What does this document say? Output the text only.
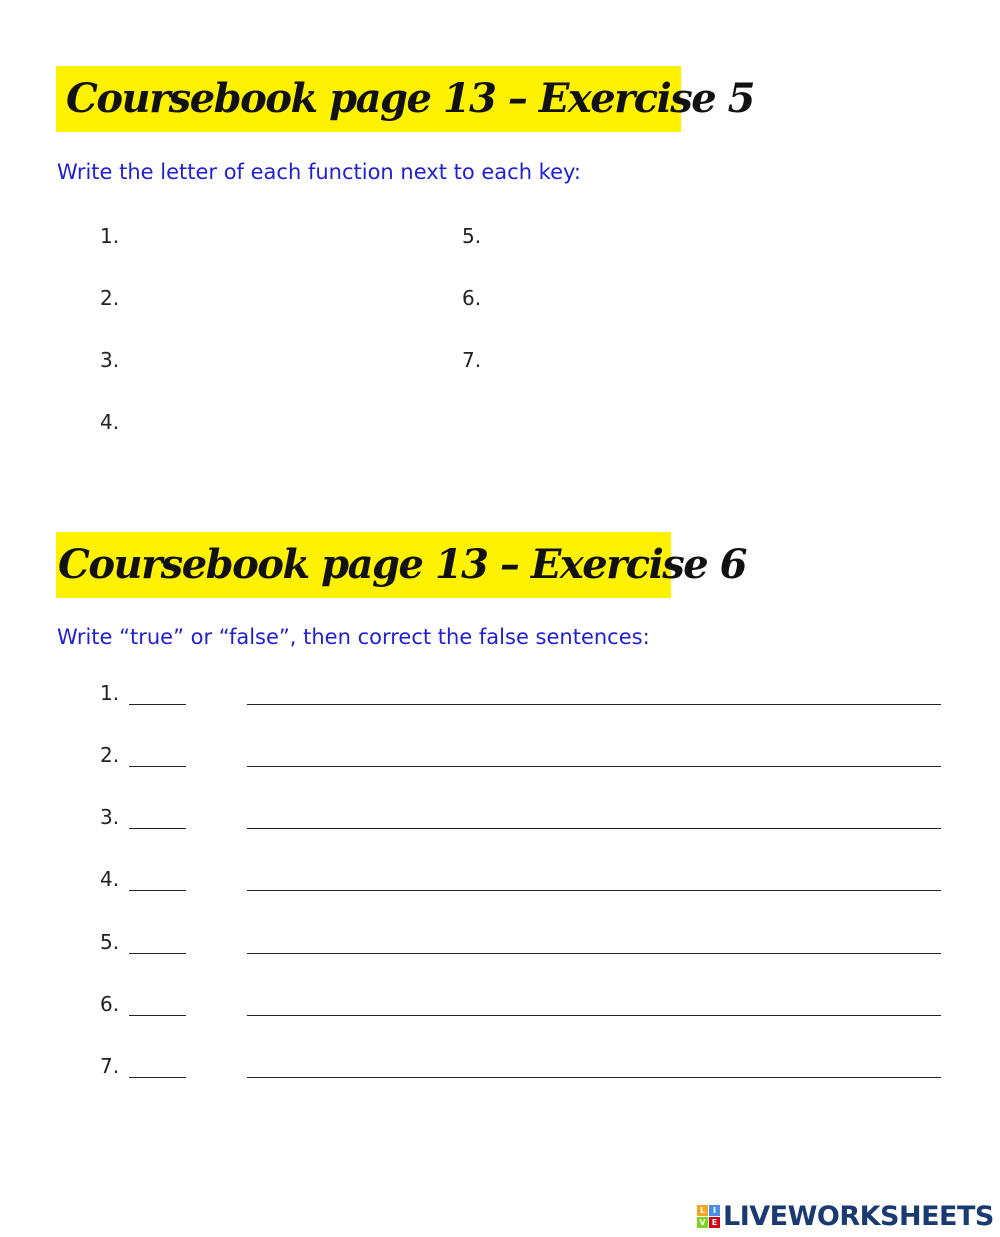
Coursebook page 13 – Exercise 5
Write the letter of each function next to each key:
1.
2.
3.
4.
5.
6.
7.
Coursebook page 13 – Exercise 6
Write “true” or “false”, then correct the false sentences:
1.
2.
3.
4.
5.
6.
7.
L I
V E LIVEWORKSHEETS
